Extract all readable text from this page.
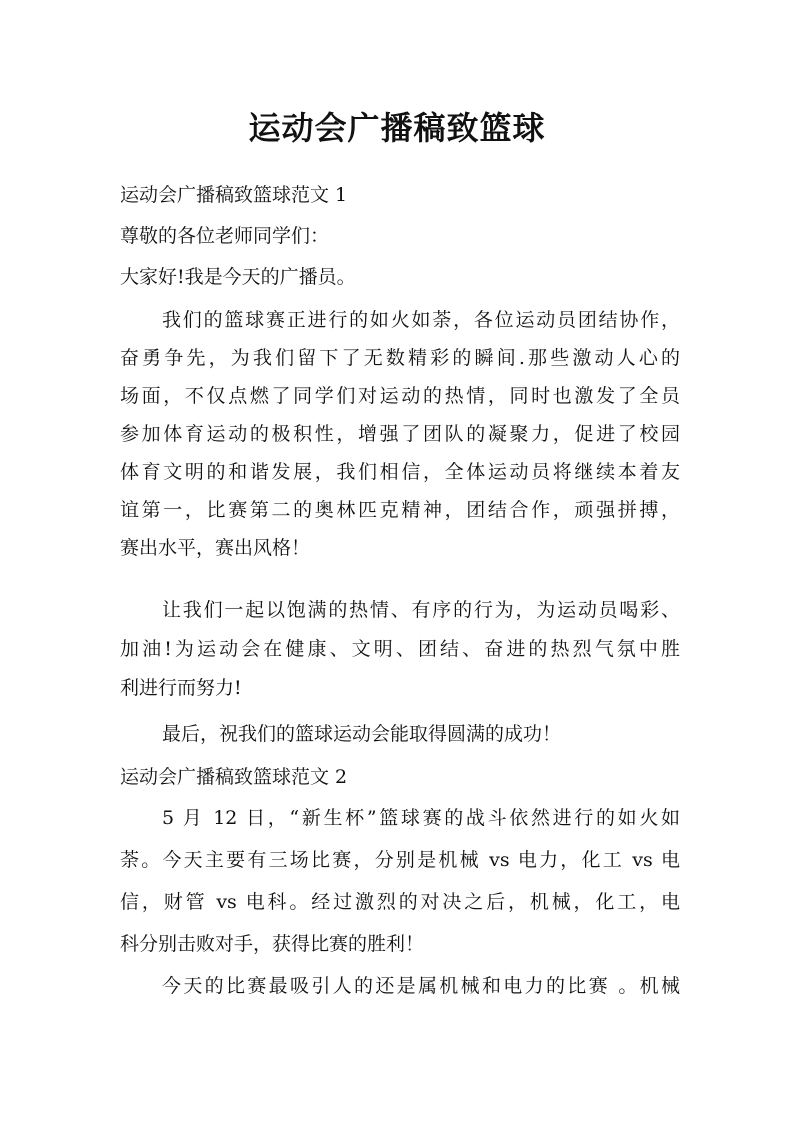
运动会广播稿致篮球

运动会广播稿致篮球范文 1

尊敬的各位老师同学们：

大家好!我是今天的广播员。

我们的篮球赛正进行的如火如荼，各位运动员团结协作，

奋勇争先，为我们留下了无数精彩的瞬间.那些激动人心的

场面，不仅点燃了同学们对运动的热情，同时也激发了全员

参加体育运动的极积性，增强了团队的凝聚力，促进了校园

体育文明的和谐发展，我们相信，全体运动员将继续本着友

谊第一，比赛第二的奥林匹克精神，团结合作，顽强拼搏，

赛出水平，赛出风格！

让我们一起以饱满的热情、有序的行为，为运动员喝彩、

加油!为运动会在健康、文明、团结、奋进的热烈气氛中胜

利进行而努力!

最后，祝我们的篮球运动会能取得圆满的成功！

运动会广播稿致篮球范文 2

5 月 12 日，“新生杯”篮球赛的战斗依然进行的如火如

荼。今天主要有三场比赛，分别是机械 vs 电力，化工 vs 电

信，财管 vs 电科。经过激烈的对决之后，机械，化工，电

科分别击败对手，获得比赛的胜利！

今天的比赛最吸引人的还是属机械和电力的比赛 。机械
